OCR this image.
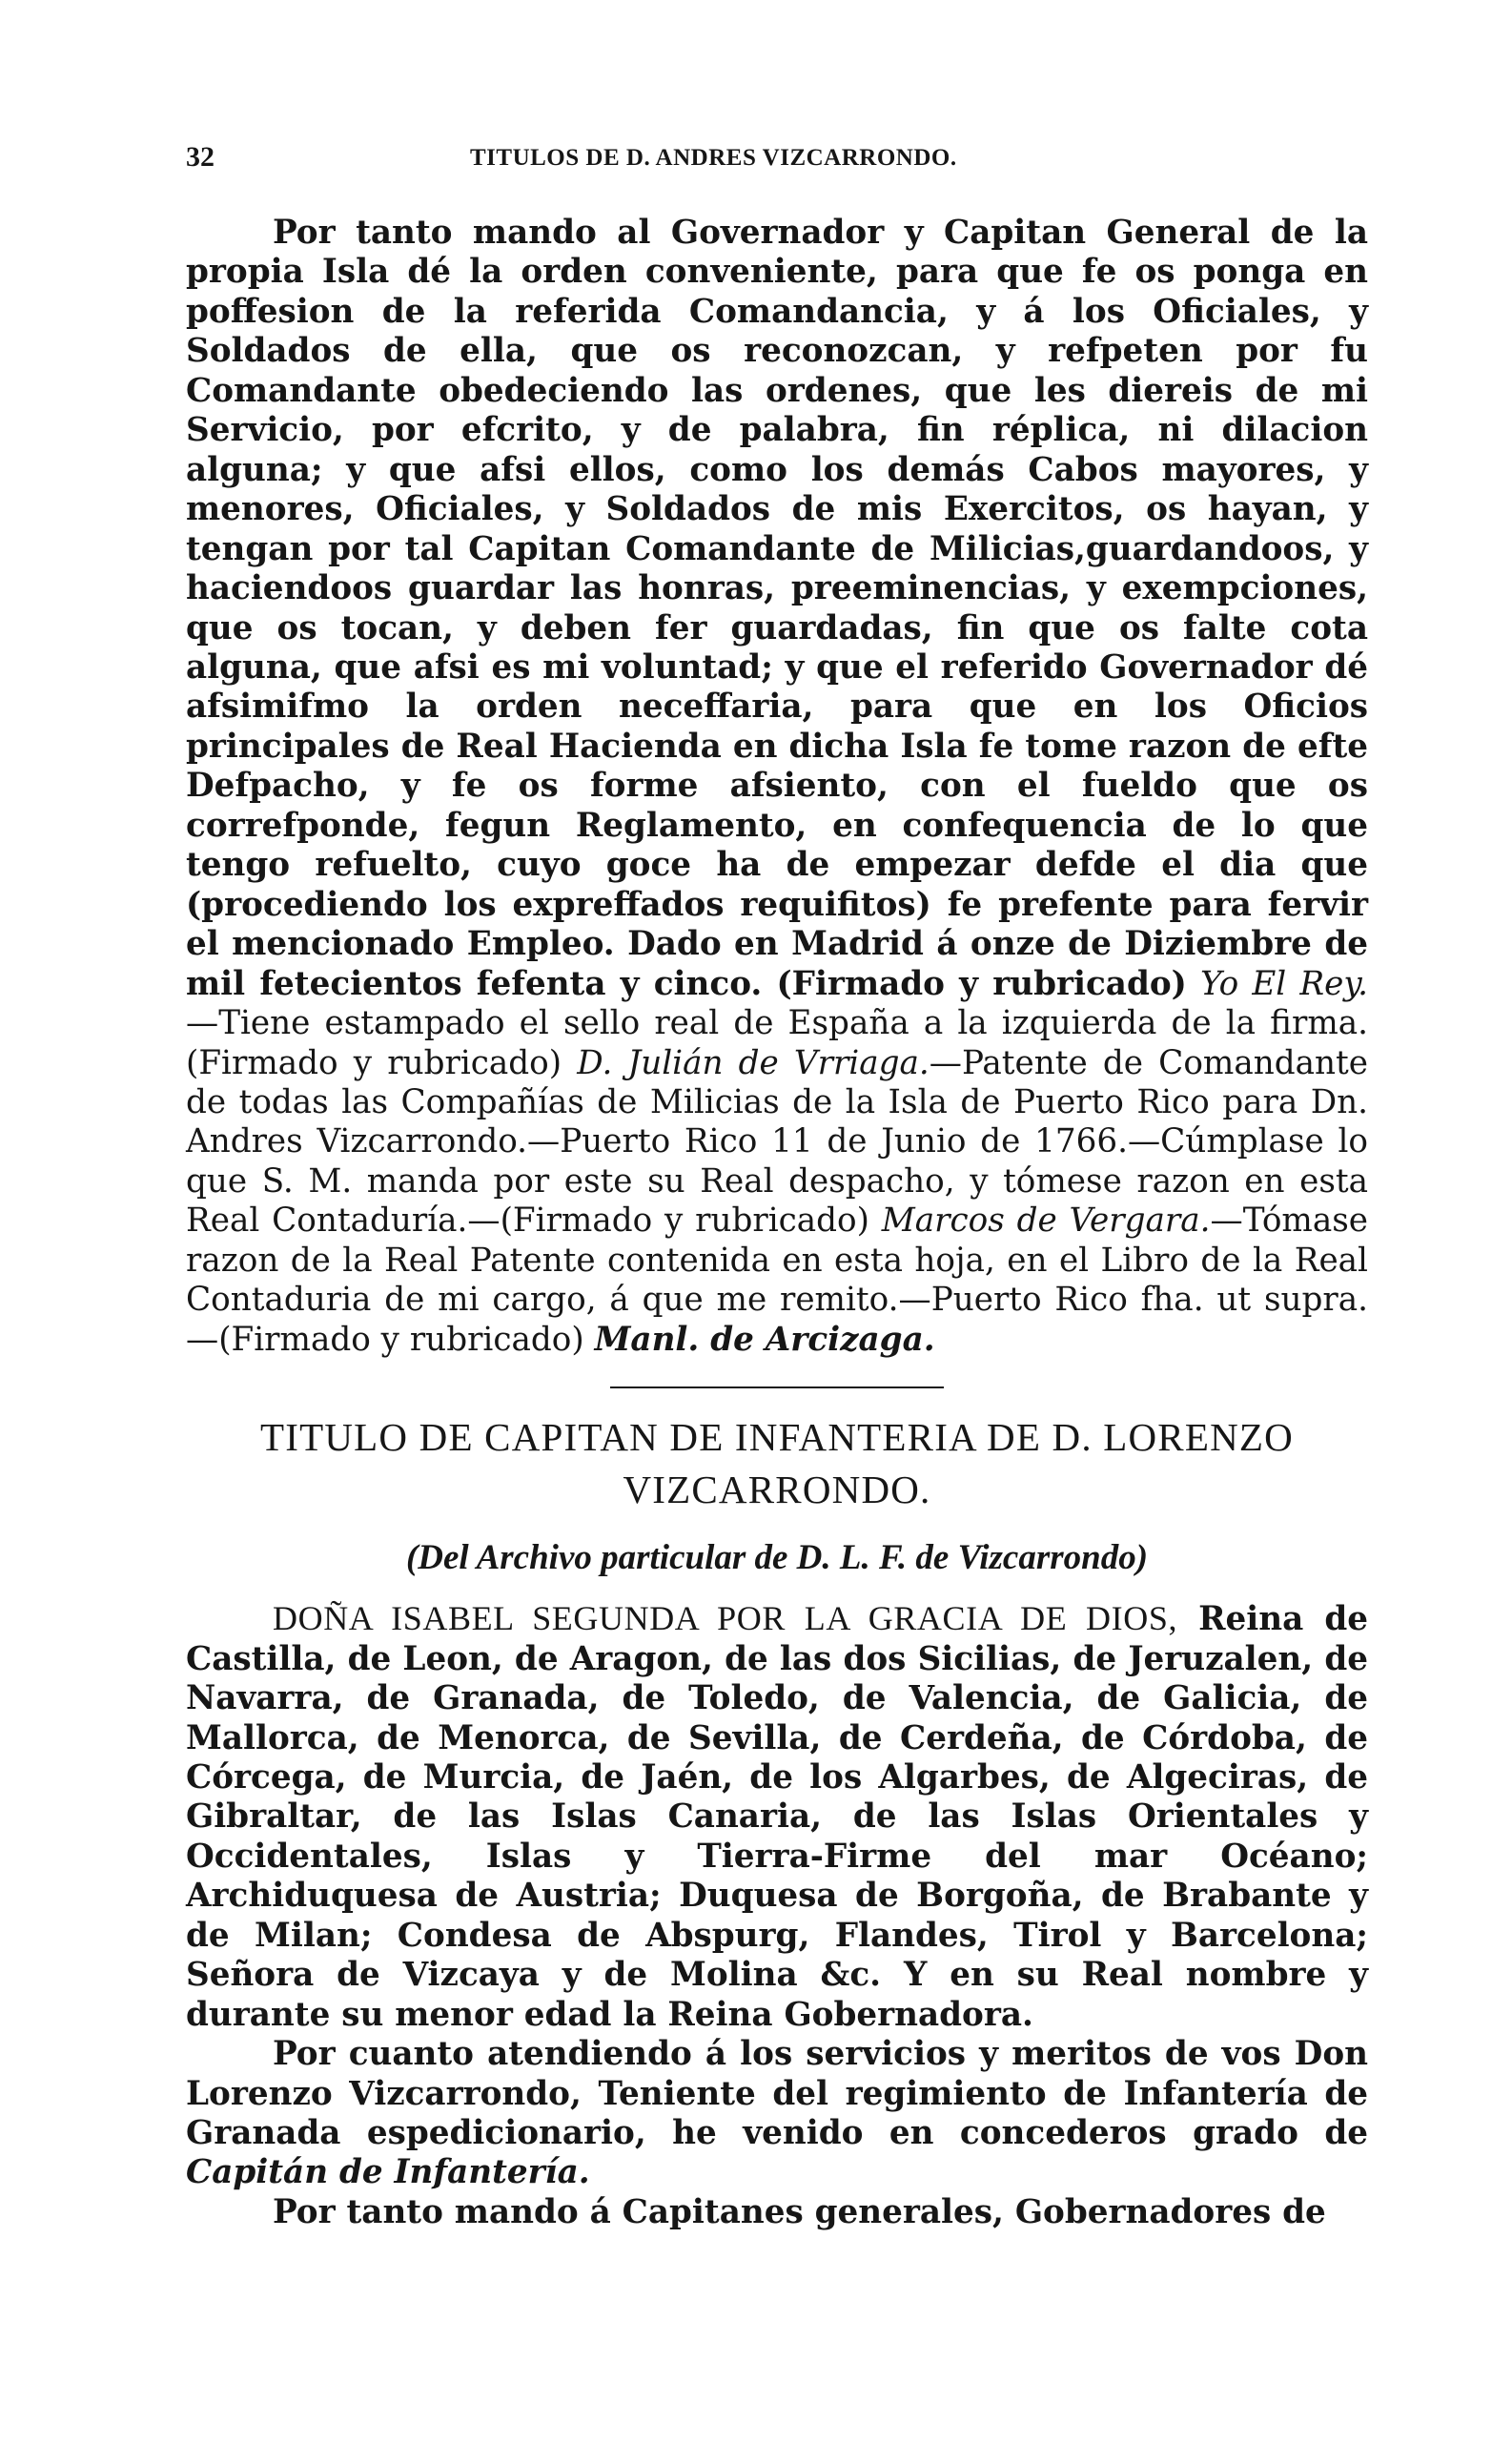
32	TITULOS DE D. ANDRES VIZCARRONDO.

Por tanto mando al Governador y Capitan General de la propia Isla dé la orden conveniente, para que fe os ponga en poffesion de la referida Comandancia, y á los Oficiales, y Soldados de ella, que os reconozcan, y refpeten por fu Comandante obedeciendo las ordenes, que les diereis de mi Servicio, por efcrito, y de palabra, fin réplica, ni dilacion alguna; y que afsi ellos, como los demás Cabos mayores, y menores, Oficiales, y Soldados de mis Exercitos, os hayan, y tengan por tal Capitan Comandante de Milicias,guardandoos, y haciendoos guardar las honras, preeminencias, y exempciones, que os tocan, y deben fer guardadas, fin que os falte cota alguna, que afsi es mi voluntad; y que el referido Governador dé afsimifmo la orden neceffaria, para que en los Oficios principales de Real Hacienda en dicha Isla fe tome razon de efte Defpacho, y fe os forme afsiento, con el fueldo que os correfponde, fegun Reglamento, en confequencia de lo que tengo refuelto, cuyo goce ha de empezar defde el dia que (procediendo los expreffados requifitos) fe prefente para fervir el mencionado Empleo. Dado en Madrid á onze de Diziembre de mil fetecientos fefenta y cinco. (Firmado y rubricado) Yo El Rey.—Tiene estampado el sello real de España a la izquierda de la firma. (Firmado y rubricado) D. Julián de Vrriaga.—Patente de Comandante de todas las Compañías de Milicias de la Isla de Puerto Rico para Dn. Andres Vizcarrondo.—Puerto Rico 11 de Junio de 1766.—Cúmplase lo que S. M. manda por este su Real despacho, y tómese razon en esta Real Contaduría.—(Firmado y rubricado) Marcos de Vergara.—Tómase razon de la Real Patente contenida en esta hoja, en el Libro de la Real Contaduria de mi cargo, á que me remito.—Puerto Rico fha. ut supra.—(Firmado y rubricado) Manl. de Arcizaga.

TITULO DE CAPITAN DE INFANTERIA DE D. LORENZO
VIZCARRONDO.
(Del Archivo particular de D. L. F. de Vizcarrondo)

DOÑA ISABEL SEGUNDA POR LA GRACIA DE DIOS, Reina de Castilla, de Leon, de Aragon, de las dos Sicilias, de Jeruzalen, de Navarra, de Granada, de Toledo, de Valencia, de Galicia, de Mallorca, de Menorca, de Sevilla, de Cerdeña, de Córdoba, de Córcega, de Murcia, de Jaén, de los Algarbes, de Algeciras, de Gibraltar, de las Islas Canaria, de las Islas Orientales y Occidentales, Islas y Tierra-Firme del mar Océano; Archiduquesa de Austria; Duquesa de Borgoña, de Brabante y de Milan; Condesa de Abspurg, Flandes, Tirol y Barcelona; Señora de Vizcaya y de Molina &c. Y en su Real nombre y durante su menor edad la Reina Gobernadora.

Por cuanto atendiendo á los servicios y meritos de vos Don Lorenzo Vizcarrondo, Teniente del regimiento de Infantería de Granada espedicionario, he venido en concederos grado de Capitán de Infantería.

Por tanto mando á Capitanes generales, Gobernadores de
